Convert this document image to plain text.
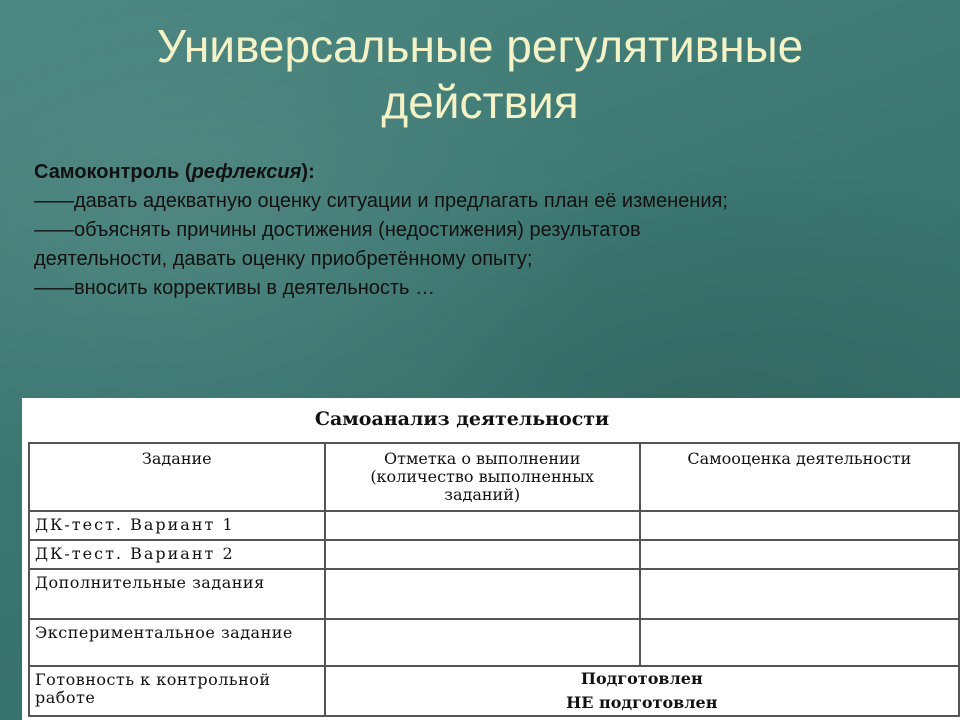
Универсальные регулятивные
действия
Самоконтроль (рефлексия):
——давать адекватную оценку ситуации и предлагать план её изменения;
——объяснять причины достижения (недостижения) результатов
деятельности, давать оценку приобретённому опыту;
——вносить коррективы в деятельность …
Самоанализ деятельности
Задание	Отметка о выполнении (количество выполненных заданий)	Самооценка деятельности
ДК-тест. Вариант 1		
ДК-тест. Вариант 2		
Дополнительные задания		
Экспериментальное задание		
Готовность к контрольной работе	Подготовлен
НЕ подготовлен	
